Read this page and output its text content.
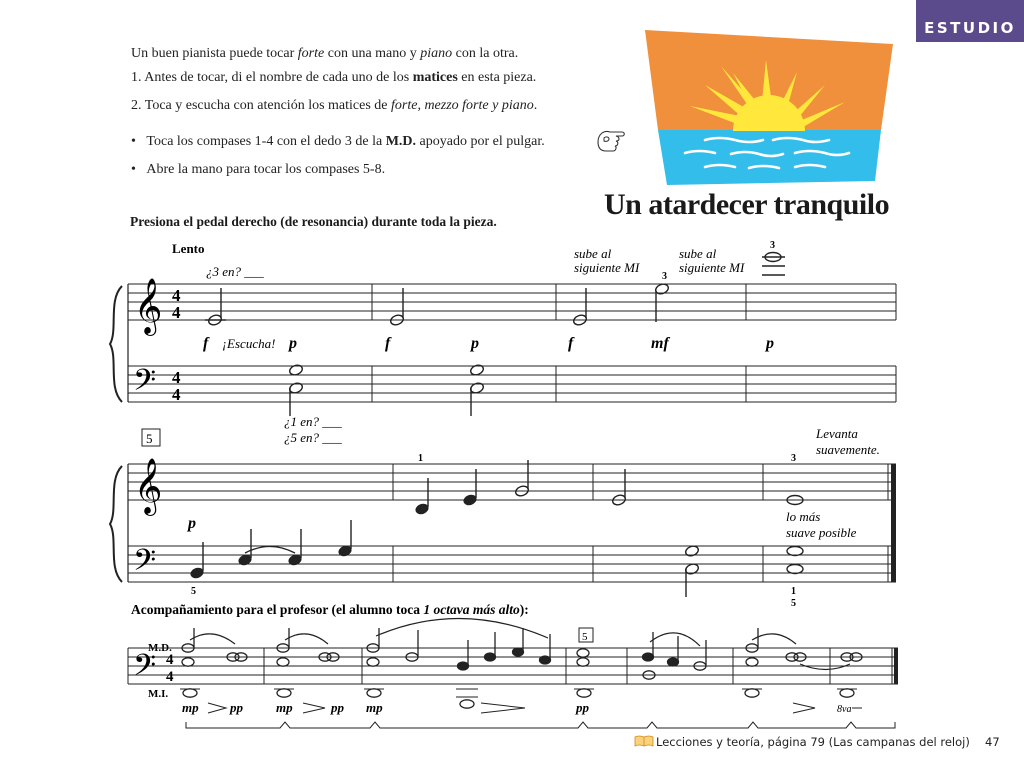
ESTUDIO
Un buen pianista puede tocar forte con una mano y piano con la otra.
1. Antes de tocar, di el nombre de cada uno de los matices en esta pieza.
2. Toca y escucha con atención los matices de forte, mezzo forte y piano.
•   Toca los compases 1-4 con el dedo 3 de la M.D. apoyado por el pulgar.
•   Abre la mano para tocar los compases 5-8.
Un atardecer tranquilo
Presiona el pedal derecho (de resonancia) durante toda la pieza.
Lento
¿3 en? ___
sube al
siguiente MI
sube al
siguiente MI
3
3
𝄞
𝄢
4
4
4
4
f	p	f	p	f	mf	p
¡Escucha!
¿1 en? ___
¿5 en? ___
5	Levanta
suavemente.
1	3
𝄞
𝄢
p	lo más
suave posible
5	1
5
Acompañamiento para el profesor (el alumno toca 1 octava más alto):
M.D.
M.I.
𝄢 4
4
5
mp pp	mp	pp mp	pp	8va
Lecciones y teoría, página 79 (Las campanas del reloj) 47
